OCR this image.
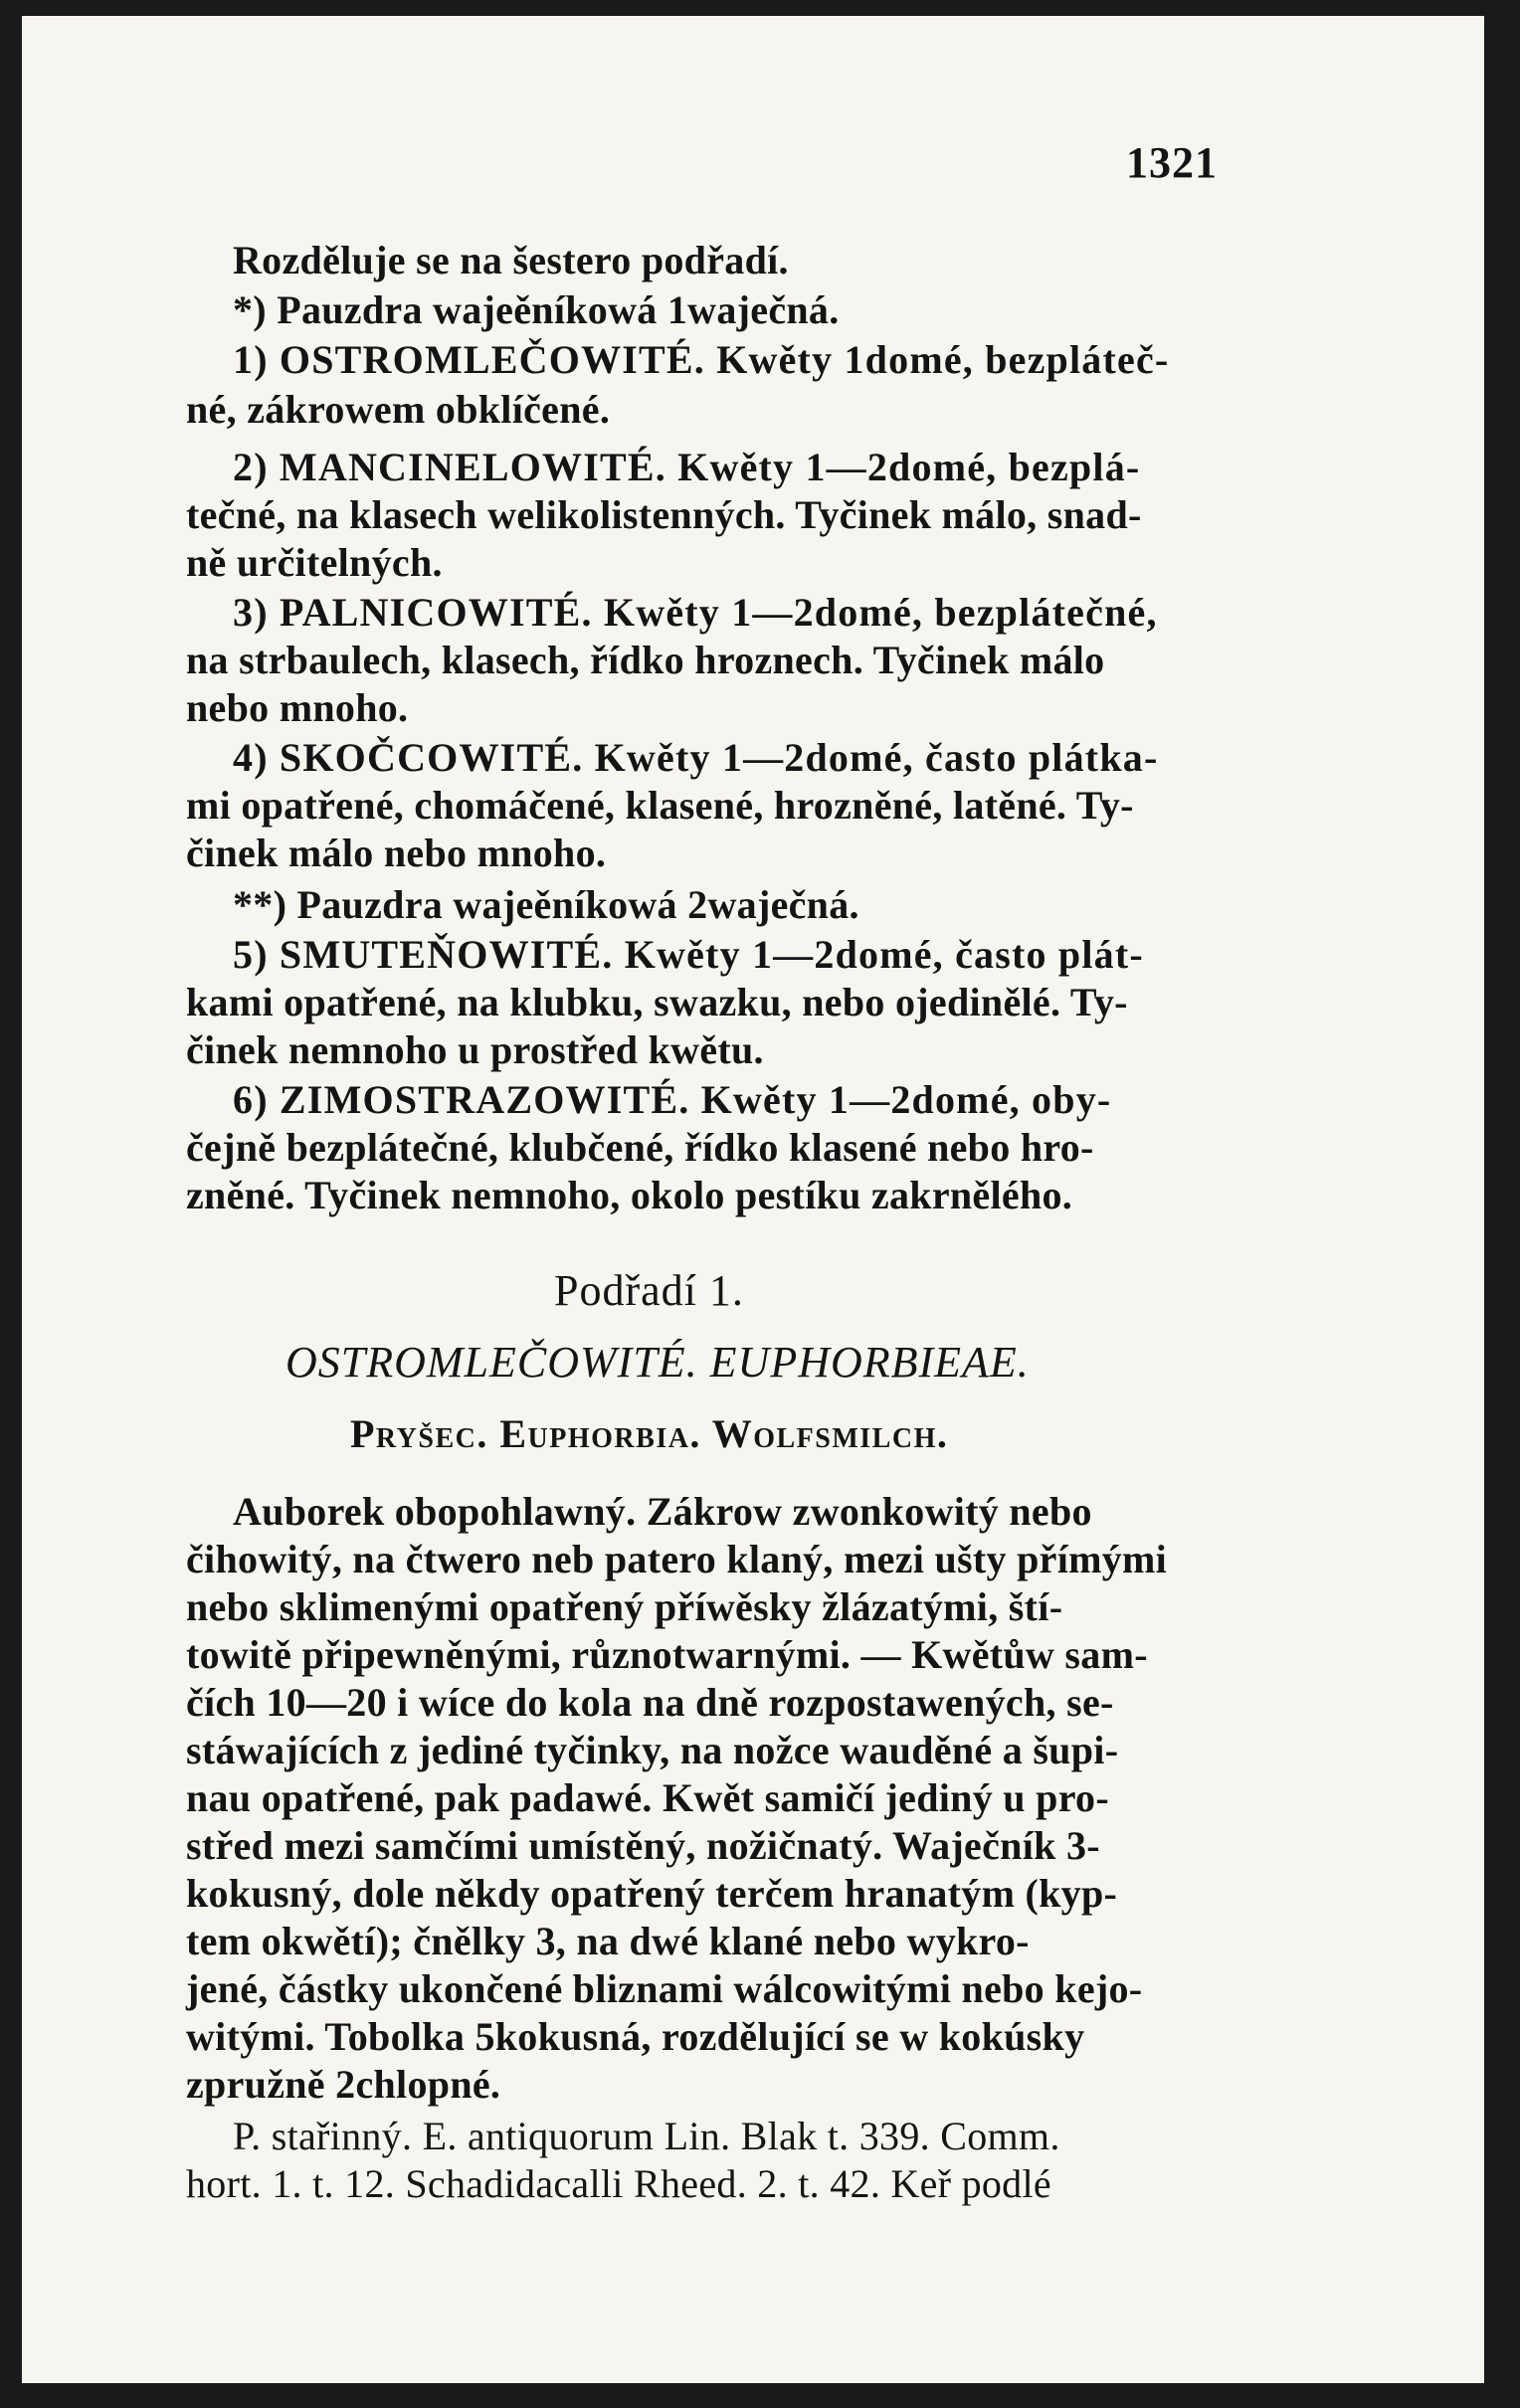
1321
Rozděluje se na šestero podřadí.
*) Pauzdra wajeěníkowá 1waječná.
1) OSTROMLEČOWITÉ. Kwěty 1domé, bezpláteč-
né, zákrowem obklíčené.
2) MANCINELOWITÉ. Kwěty 1—2domé, bezplá-
tečné, na klasech welikolistenných. Tyčinek málo, snad-
ně určitelných.
3) PALNICOWITÉ. Kwěty 1—2domé, bezplátečné,
na strbaulech, klasech, řídko hroznech. Tyčinek málo
nebo mnoho.
4) SKOČCOWITÉ. Kwěty 1—2domé, často plátka-
mi opatřené, chomáčené, klasené, hrozněné, latěné. Ty-
činek málo nebo mnoho.
**) Pauzdra wajeěníkowá 2waječná.
5) SMUTEŇOWITÉ. Kwěty 1—2domé, často plát-
kami opatřené, na klubku, swazku, nebo ojedinělé. Ty-
činek nemnoho u prostřed kwětu.
6) ZIMOSTRAZOWITÉ. Kwěty 1—2domé, oby-
čejně bezplátečné, klubčené, řídko klasené nebo hro-
zněné. Tyčinek nemnoho, okolo pestíku zakrnělého.
Podřadí 1.
OSTROMLEČOWITÉ. EUPHORBIEAE.
Pryšec. Euphorbia. Wolfsmilch.
Auborek obopohlawný. Zákrow zwonkowitý nebo
čihowitý, na čtwero neb patero klaný, mezi ušty přímými
nebo sklimenými opatřený příwěsky žlázatými, ští-
towitě připewněnými, různotwarnými. — Kwětůw sam-
čích 10—20 i wíce do kola na dně rozpostawených, se-
stáwajících z jediné tyčinky, na nožce wauděné a šupi-
nau opatřené, pak padawé. Kwět samičí jediný u pro-
střed mezi samčími umístěný, nožičnatý. Waječník 3-
kokusný, dole někdy opatřený terčem hranatým (kyp-
tem okwětí); čnělky 3, na dwé klané nebo wykro-
jené, částky ukončené bliznami wálcowitými nebo kejo-
witými. Tobolka 5kokusná, rozdělující se w kokúsky
zpružně 2chlopné.
P. stařinný. E. antiquorum Lin. Blak t. 339. Comm.
hort. 1. t. 12. Schadidacalli Rheed. 2. t. 42. Keř podlé
